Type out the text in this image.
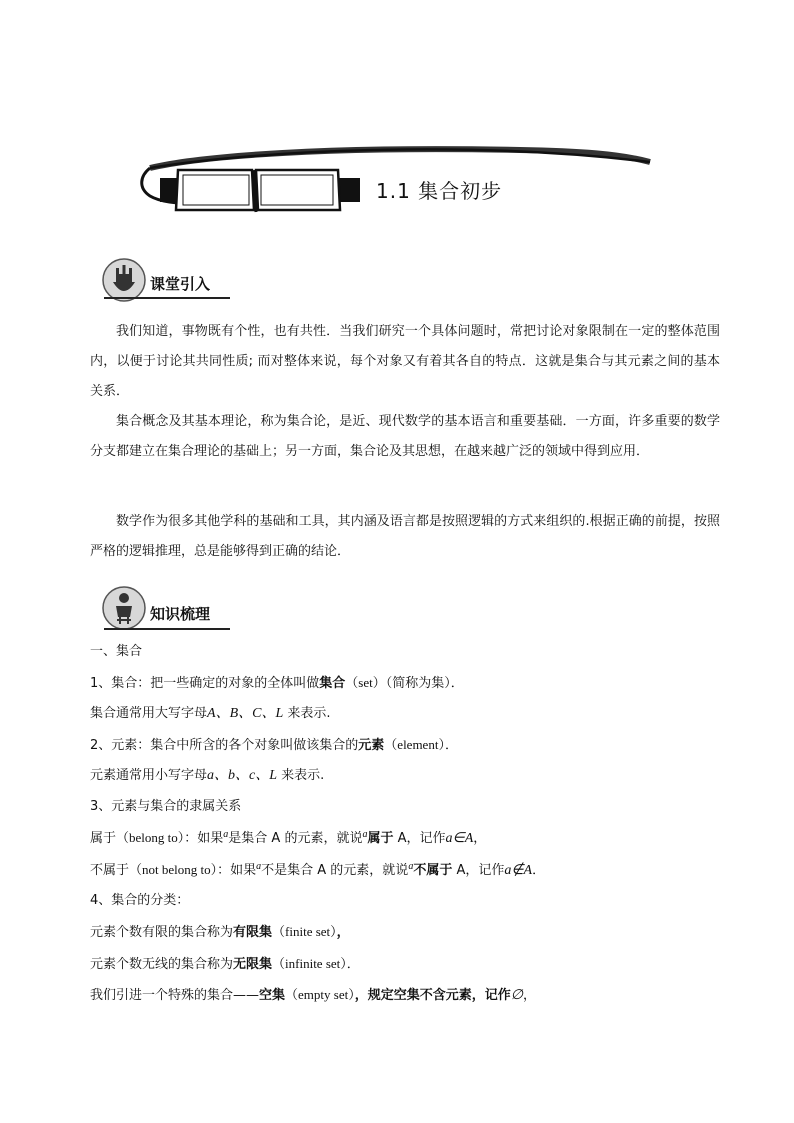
1.1 集合初步
课堂引入

我们知道，事物既有个性，也有共性．当我们研究一个具体问题时，常把讨论对象限制在一定的整体范围内，以便于讨论其共同性质; 而对整体来说，每个对象又有着其各自的特点．这就是集合与其元素之间的基本关系．

集合概念及其基本理论，称为集合论，是近、现代数学的基本语言和重要基础．一方面，许多重要的数学分支都建立在集合理论的基础上；另一方面，集合论及其思想，在越来越广泛的领域中得到应用．

数学作为很多其他学科的基础和工具，其内涵及语言都是按照逻辑的方式来组织的.根据正确的前提，按照严格的逻辑推理，总是能够得到正确的结论．

知识梳理
一、集合
1、集合：把一些确定的对象的全体叫做集合（set）（简称为集）．
集合通常用大写字母A、B、C、L 来表示.
2、元素：集合中所含的各个对象叫做该集合的元素（element）．
元素通常用小写字母a、b、c、L 来表示.
3、元素与集合的隶属关系
属于（belong to）：如果$^a$是集合 A 的元素，就说$^a$属于 A，记作a∈A，
不属于（not belong to）：如果$^a$不是集合 A 的元素，就说$^a$不属于 A，记作a∉A．
4、集合的分类：
元素个数有限的集合称为有限集（finite set），
元素个数无线的集合称为无限集（infinite set）．
我们引进一个特殊的集合——空集（empty set），规定空集不含元素，记作∅，
